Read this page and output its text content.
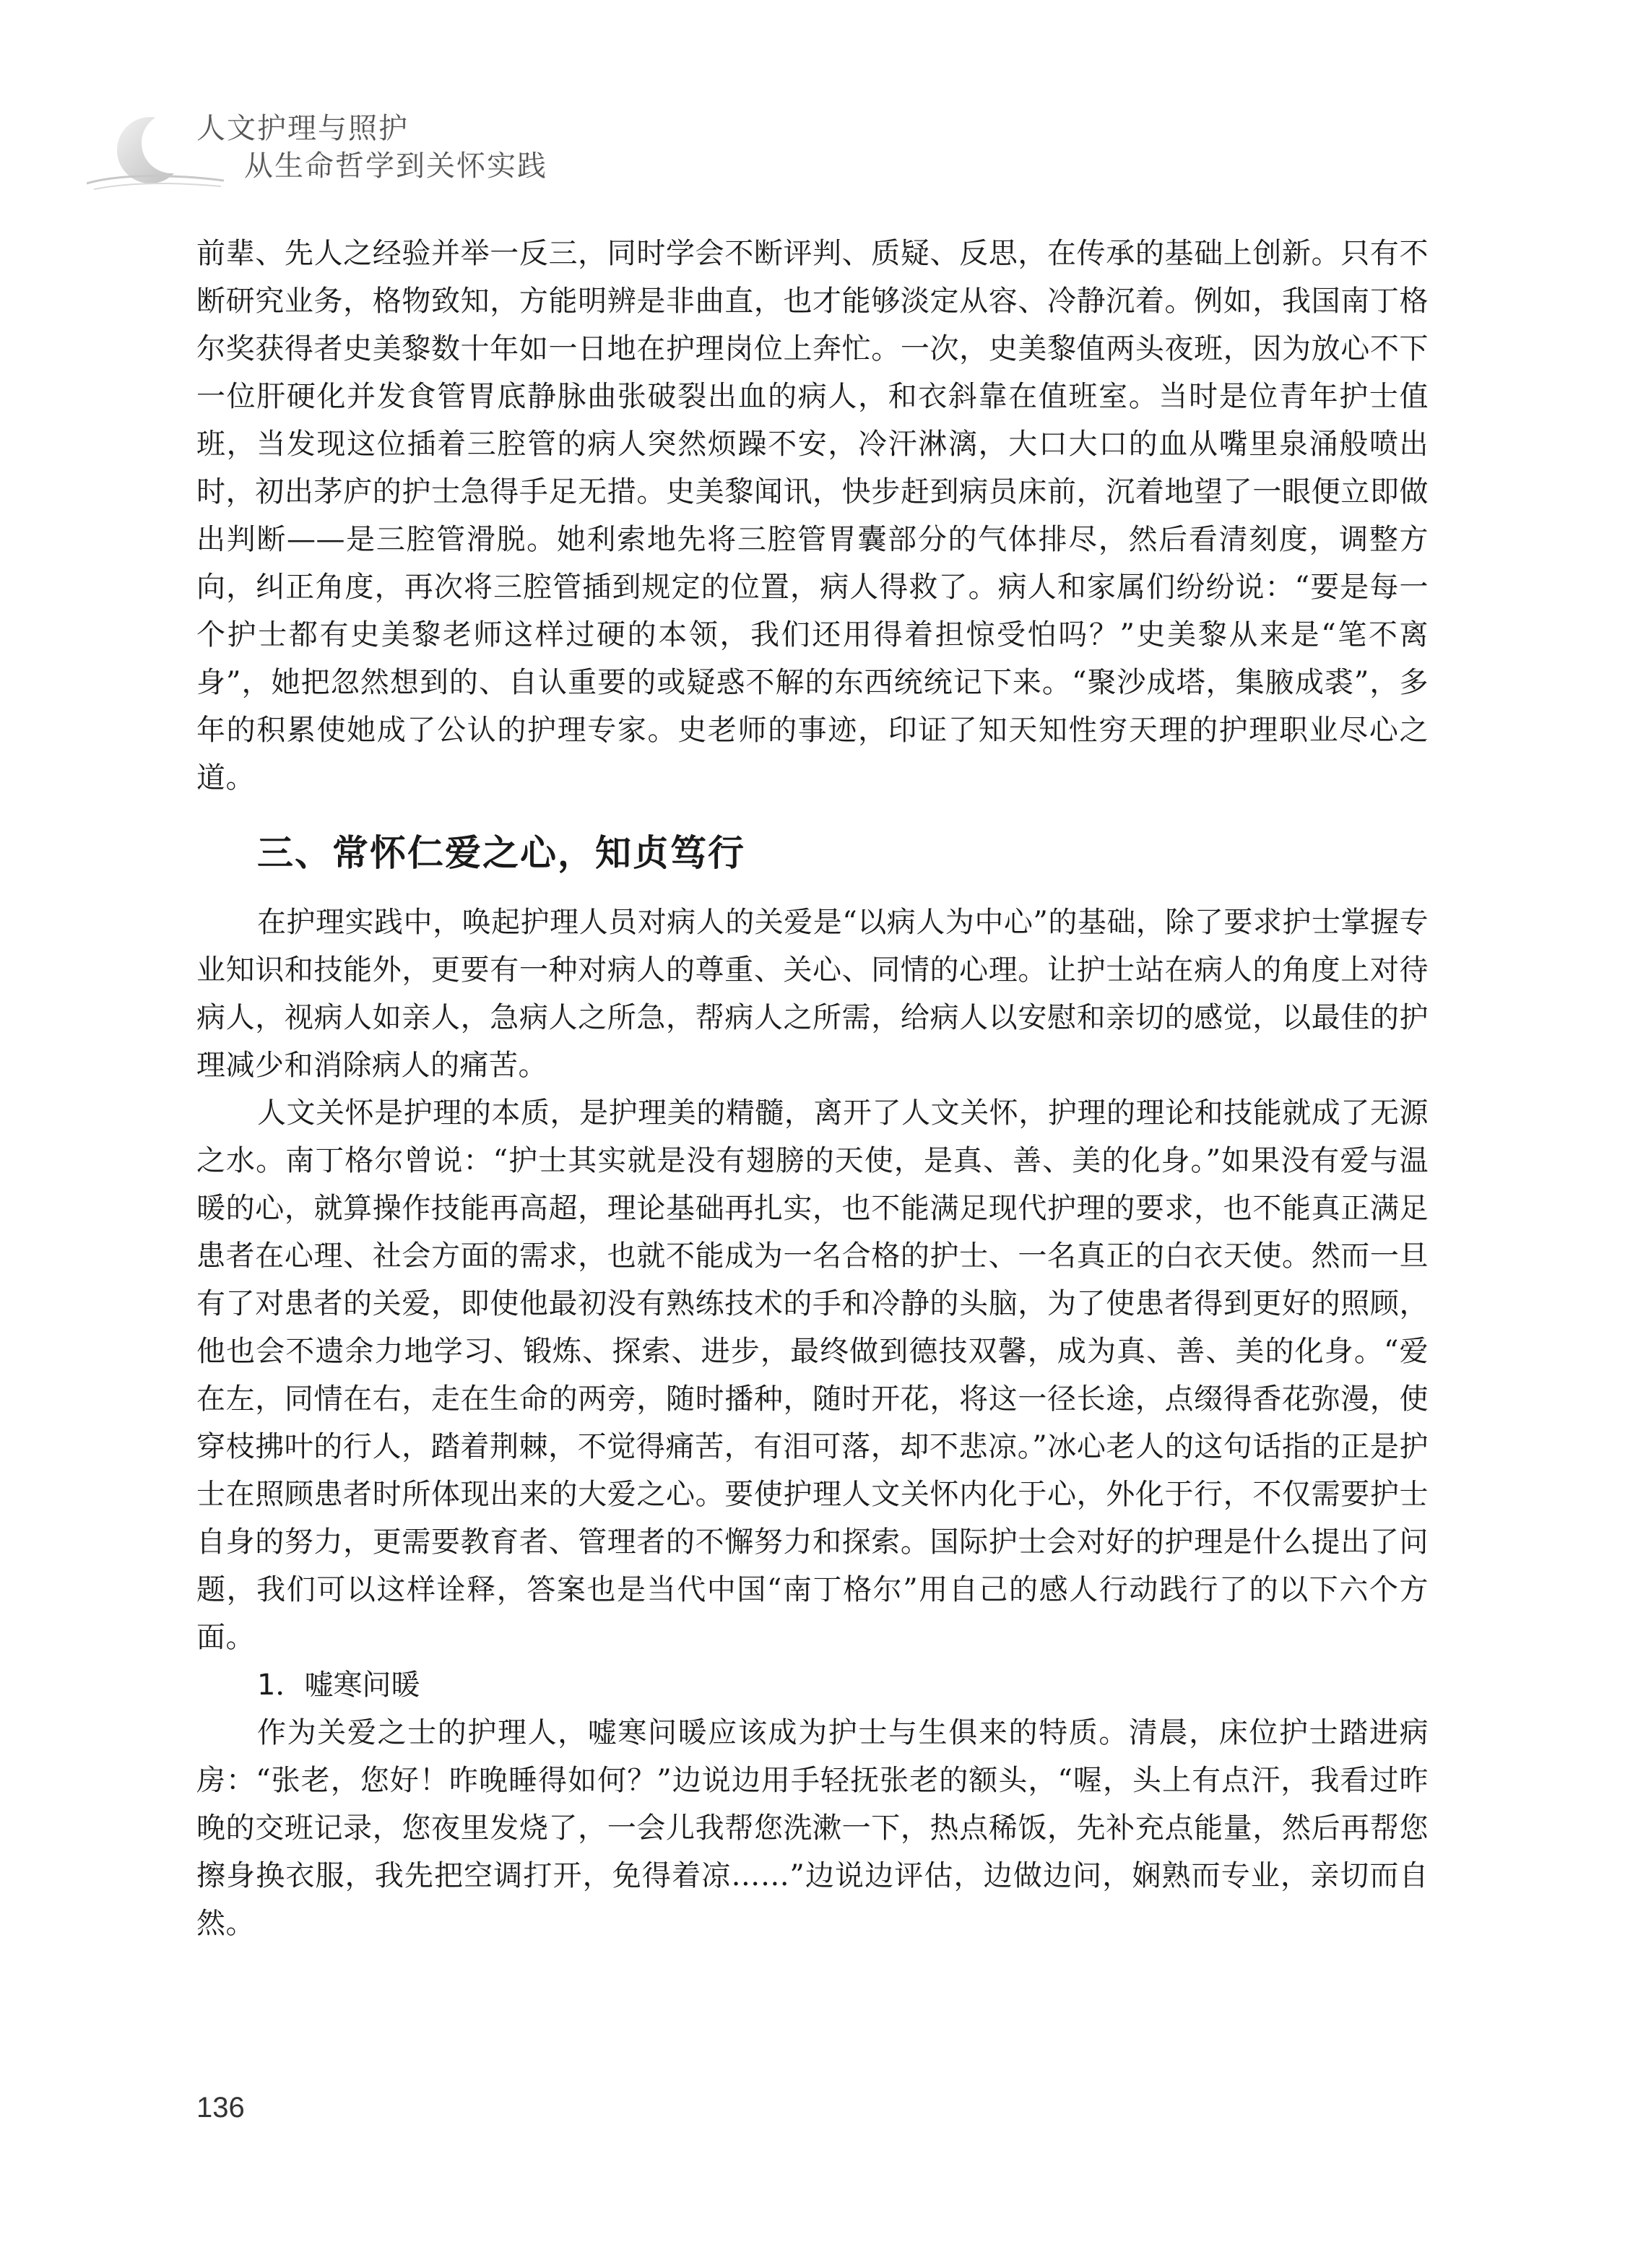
人文护理与照护
从生命哲学到关怀实践

前辈、先人之经验并举一反三，同时学会不断评判、质疑、反思，在传承的基础上创新。只有不断研究业务，格物致知，方能明辨是非曲直，也才能够淡定从容、冷静沉着。例如，我国南丁格尔奖获得者史美黎数十年如一日地在护理岗位上奔忙。一次，史美黎值两头夜班，因为放心不下一位肝硬化并发食管胃底静脉曲张破裂出血的病人，和衣斜靠在值班室。当时是位青年护士值班，当发现这位插着三腔管的病人突然烦躁不安，冷汗淋漓，大口大口的血从嘴里泉涌般喷出时，初出茅庐的护士急得手足无措。史美黎闻讯，快步赶到病员床前，沉着地望了一眼便立即做出判断——是三腔管滑脱。她利索地先将三腔管胃囊部分的气体排尽，然后看清刻度，调整方向，纠正角度，再次将三腔管插到规定的位置，病人得救了。病人和家属们纷纷说：“要是每一个护士都有史美黎老师这样过硬的本领，我们还用得着担惊受怕吗？”史美黎从来是“笔不离身”，她把忽然想到的、自认重要的或疑惑不解的东西统统记下来。“聚沙成塔，集腋成裘”，多年的积累使她成了公认的护理专家。史老师的事迹，印证了知天知性穷天理的护理职业尽心之道。

三、常怀仁爱之心，知贞笃行

在护理实践中，唤起护理人员对病人的关爱是“以病人为中心”的基础，除了要求护士掌握专业知识和技能外，更要有一种对病人的尊重、关心、同情的心理。让护士站在病人的角度上对待病人，视病人如亲人，急病人之所急，帮病人之所需，给病人以安慰和亲切的感觉，以最佳的护理减少和消除病人的痛苦。

人文关怀是护理的本质，是护理美的精髓，离开了人文关怀，护理的理论和技能就成了无源之水。南丁格尔曾说：“护士其实就是没有翅膀的天使，是真、善、美的化身。”如果没有爱与温暖的心，就算操作技能再高超，理论基础再扎实，也不能满足现代护理的要求，也不能真正满足患者在心理、社会方面的需求，也就不能成为一名合格的护士、一名真正的白衣天使。然而一旦有了对患者的关爱，即使他最初没有熟练技术的手和冷静的头脑，为了使患者得到更好的照顾，他也会不遗余力地学习、锻炼、探索、进步，最终做到德技双馨，成为真、善、美的化身。“爱在左，同情在右，走在生命的两旁，随时播种，随时开花，将这一径长途，点缀得香花弥漫，使穿枝拂叶的行人，踏着荆棘，不觉得痛苦，有泪可落，却不悲凉。”冰心老人的这句话指的正是护士在照顾患者时所体现出来的大爱之心。要使护理人文关怀内化于心，外化于行，不仅需要护士自身的努力，更需要教育者、管理者的不懈努力和探索。国际护士会对好的护理是什么提出了问题，我们可以这样诠释，答案也是当代中国“南丁格尔”用自己的感人行动践行了的以下六个方面。

1．嘘寒问暖

作为关爱之士的护理人，嘘寒问暖应该成为护士与生俱来的特质。清晨，床位护士踏进病房：“张老，您好！昨晚睡得如何？”边说边用手轻抚张老的额头，“喔，头上有点汗，我看过昨晚的交班记录，您夜里发烧了，一会儿我帮您洗漱一下，热点稀饭，先补充点能量，然后再帮您擦身换衣服，我先把空调打开，免得着凉……”边说边评估，边做边问，娴熟而专业，亲切而自然。

136
